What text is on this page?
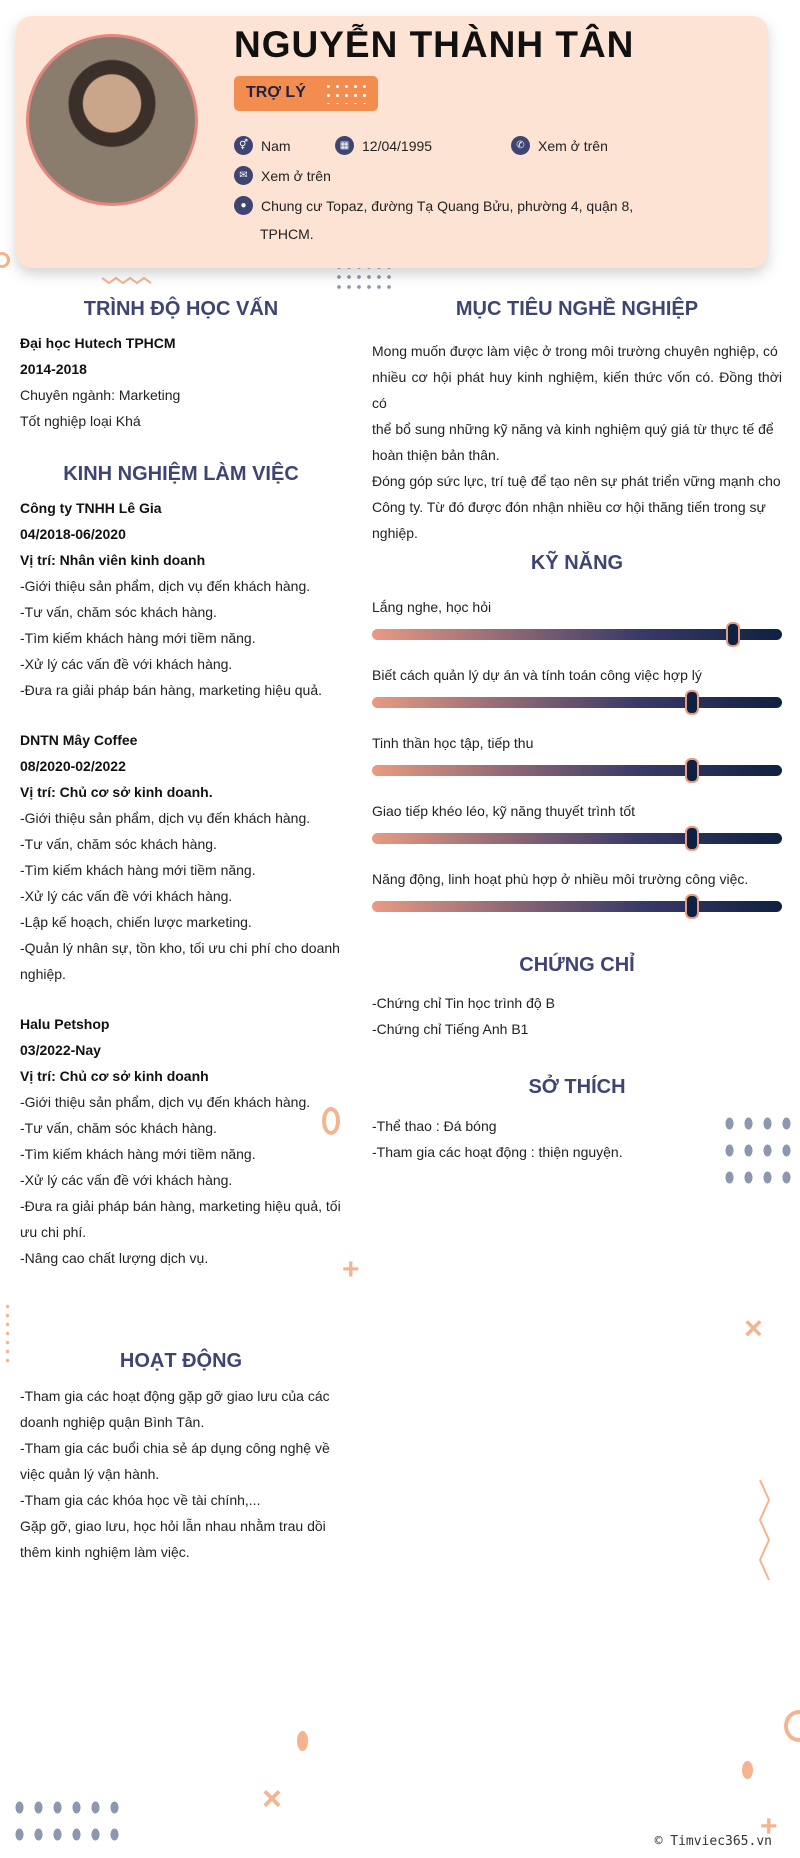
+
×
×
+
NGUYỄN THÀNH TÂN
TRỢ LÝ
⚥ Nam	▦ 12/04/1995	✆ Xem ở trên
✉ Xem ở trên
●	Chung cư Topaz, đường Tạ Quang Bửu, phường 4, quận 8,
TPHCM.
TRÌNH ĐỘ HỌC VẤN
Đại học Hutech TPHCM
2014-2018
Chuyên ngành: Marketing
Tốt nghiệp loại Khá
KINH NGHIỆM LÀM VIỆC
Công ty TNHH Lê Gia
04/2018-06/2020
Vị trí: Nhân viên kinh doanh
-Giới thiệu sản phẩm, dịch vụ đến khách hàng.
-Tư vấn, chăm sóc khách hàng.
-Tìm kiếm khách hàng mới tiềm năng.
-Xử lý các vấn đề với khách hàng.
-Đưa ra giải pháp bán hàng, marketing hiệu quả.
DNTN Mây Coffee
08/2020-02/2022
Vị trí: Chủ cơ sở kinh doanh.
-Giới thiệu sản phẩm, dịch vụ đến khách hàng.
-Tư vấn, chăm sóc khách hàng.
-Tìm kiếm khách hàng mới tiềm năng.
-Xử lý các vấn đề với khách hàng.
-Lập kế hoạch, chiến lược marketing.
-Quản lý nhân sự, tồn kho, tối ưu chi phí cho doanh
nghiệp.
Halu Petshop
03/2022-Nay
Vị trí: Chủ cơ sở kinh doanh
-Giới thiệu sản phẩm, dịch vụ đến khách hàng.
-Tư vấn, chăm sóc khách hàng.
-Tìm kiếm khách hàng mới tiềm năng.
-Xử lý các vấn đề với khách hàng.
-Đưa ra giải pháp bán hàng, marketing hiệu quả, tối
ưu chi phí.
-Nâng cao chất lượng dịch vụ.
HOẠT ĐỘNG
-Tham gia các hoạt động gặp gỡ giao lưu của các
doanh nghiệp quận Bình Tân.
-Tham gia các buổi chia sẻ áp dụng công nghệ về
việc quản lý vận hành.
-Tham gia các khóa học về tài chính,...
Gặp gỡ, giao lưu, học hỏi lẫn nhau nhằm trau dồi
thêm kinh nghiệm làm việc.
MỤC TIÊU NGHỀ NGHIỆP
Mong muốn được làm việc ở trong môi trường chuyên nghiệp, có
nhiều cơ hội phát huy kinh nghiệm, kiến thức vốn có. Đồng thời có
thể bổ sung những kỹ năng và kinh nghiệm quý giá từ thực tế để
hoàn thiện bản thân.
Đóng góp sức lực, trí tuệ để tạo nên sự phát triển vững mạnh cho
Công ty. Từ đó được đón nhận nhiều cơ hội thăng tiến trong sự
nghiệp.
KỸ NĂNG
Lắng nghe, học hỏi
Biết cách quản lý dự án và tính toán công việc hợp lý
Tinh thần học tập, tiếp thu
Giao tiếp khéo léo, kỹ năng thuyết trình tốt
Năng động, linh hoạt phù hợp ở nhiều môi trường công việc.
CHỨNG CHỈ
-Chứng chỉ Tin học trình độ B
-Chứng chỉ Tiếng Anh B1
SỞ THÍCH
-Thể thao : Đá bóng
-Tham gia các hoạt động : thiện nguyện.
© Timviec365.vn
